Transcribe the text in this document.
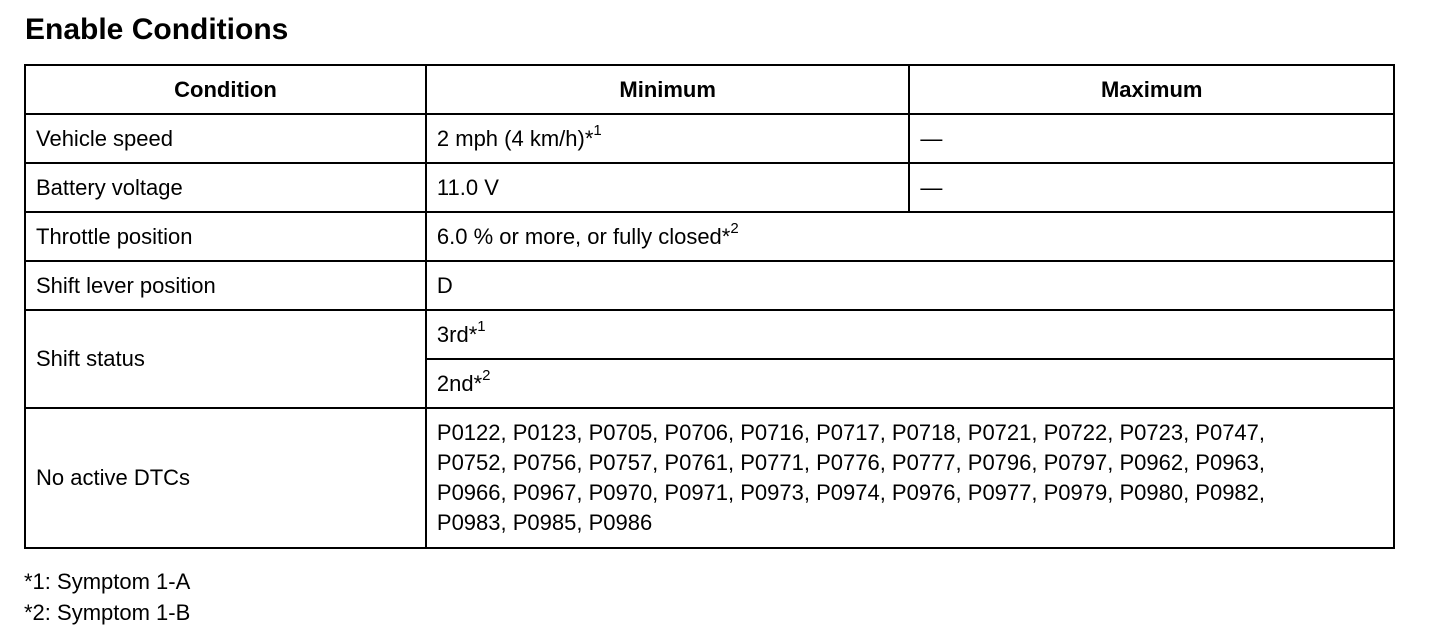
Enable Conditions
Condition	Minimum	Maximum
Vehicle speed	2 mph (4 km/h)*$^1$	—
Battery voltage	11.0 V	—
Throttle position	6.0 % or more, or fully closed*$^2$
Shift lever position	D	
Shift status	3rd*$^1$
	2nd*$^2$
No active DTCs	P0122, P0123, P0705, P0706, P0716, P0717, P0718, P0721, P0722, P0723, P0747,
P0752, P0756, P0757, P0761, P0771, P0776, P0777, P0796, P0797, P0962, P0963,
P0966, P0967, P0970, P0971, P0973, P0974, P0976, P0977, P0979, P0980, P0982,
P0983, P0985, P0986	
*1: Symptom 1-A
*2: Symptom 1-B
